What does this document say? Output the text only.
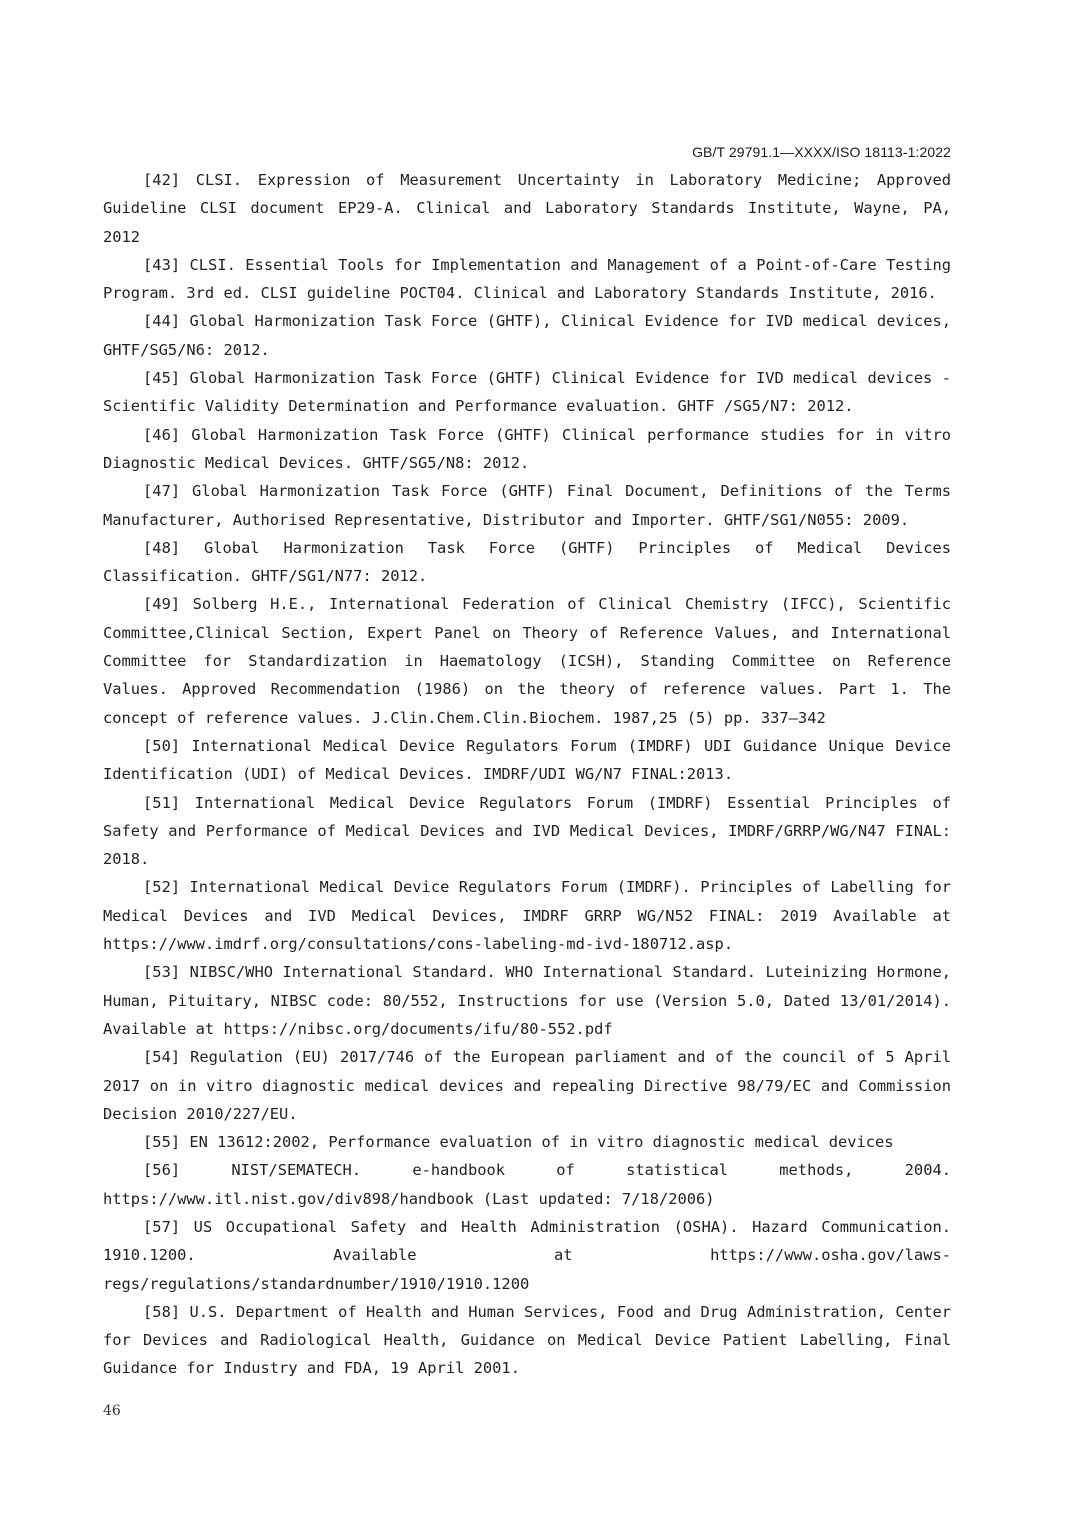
GB/T 29791.1—XXXX/ISO 18113-1:2022

[42] CLSI. Expression of Measurement Uncertainty in Laboratory Medicine; Approved Guideline CLSI document EP29-A. Clinical and Laboratory Standards Institute, Wayne, PA, 2012

[43] CLSI. Essential Tools for Implementation and Management of a Point-of-Care Testing Program. 3rd ed. CLSI guideline POCT04. Clinical and Laboratory Standards Institute, 2016.

[44] Global Harmonization Task Force (GHTF), Clinical Evidence for IVD medical devices, GHTF/SG5/N6: 2012.

[45] Global Harmonization Task Force (GHTF) Clinical Evidence for IVD medical devices - Scientific Validity Determination and Performance evaluation. GHTF /SG5/N7: 2012.

[46] Global Harmonization Task Force (GHTF) Clinical performance studies for in vitro Diagnostic Medical Devices. GHTF/SG5/N8: 2012.

[47] Global Harmonization Task Force (GHTF) Final Document, Definitions of the Terms Manufacturer, Authorised Representative, Distributor and Importer. GHTF/SG1/N055: 2009.

[48] Global Harmonization Task Force (GHTF) Principles of Medical Devices Classification. GHTF/SG1/N77: 2012.

[49] Solberg H.E., International Federation of Clinical Chemistry (IFCC), Scientific Committee,Clinical Section, Expert Panel on Theory of Reference Values, and International Committee for Standardization in Haematology (ICSH), Standing Committee on Reference Values. Approved Recommendation (1986) on the theory of reference values. Part 1. The concept of reference values. J.Clin.Chem.Clin.Biochem. 1987,25 (5) pp. 337–342

[50] International Medical Device Regulators Forum (IMDRF) UDI Guidance Unique Device Identification (UDI) of Medical Devices. IMDRF/UDI WG/N7 FINAL:2013.

[51] International Medical Device Regulators Forum (IMDRF) Essential Principles of Safety and Performance of Medical Devices and IVD Medical Devices, IMDRF/GRRP/WG/N47 FINAL: 2018.

[52] International Medical Device Regulators Forum (IMDRF). Principles of Labelling for Medical Devices and IVD Medical Devices, IMDRF GRRP WG/N52 FINAL: 2019 Available at https://www.imdrf.org/consultations/cons-labeling-md-ivd-180712.asp.

[53] NIBSC/WHO International Standard. WHO International Standard. Luteinizing Hormone, Human, Pituitary, NIBSC code: 80/552, Instructions for use (Version 5.0, Dated 13/01/2014). Available at https://nibsc.org/documents/ifu/80-552.pdf

[54] Regulation (EU) 2017/746 of the European parliament and of the council of 5 April 2017 on in vitro diagnostic medical devices and repealing Directive 98/79/EC and Commission Decision 2010/227/EU.

[55] EN 13612:2002, Performance evaluation of in vitro diagnostic medical devices

[56] NIST/SEMATECH. e-handbook of statistical methods, 2004. https://www.itl.nist.gov/div898/handbook (Last updated: 7/18/2006)

[57] US Occupational Safety and Health Administration (OSHA). Hazard Communication. 1910.1200. Available at https://www.osha.gov/laws-regs/regulations/standardnumber/1910/1910.1200

[58] U.S. Department of Health and Human Services, Food and Drug Administration, Center for Devices and Radiological Health, Guidance on Medical Device Patient Labelling, Final Guidance for Industry and FDA, 19 April 2001.

46
